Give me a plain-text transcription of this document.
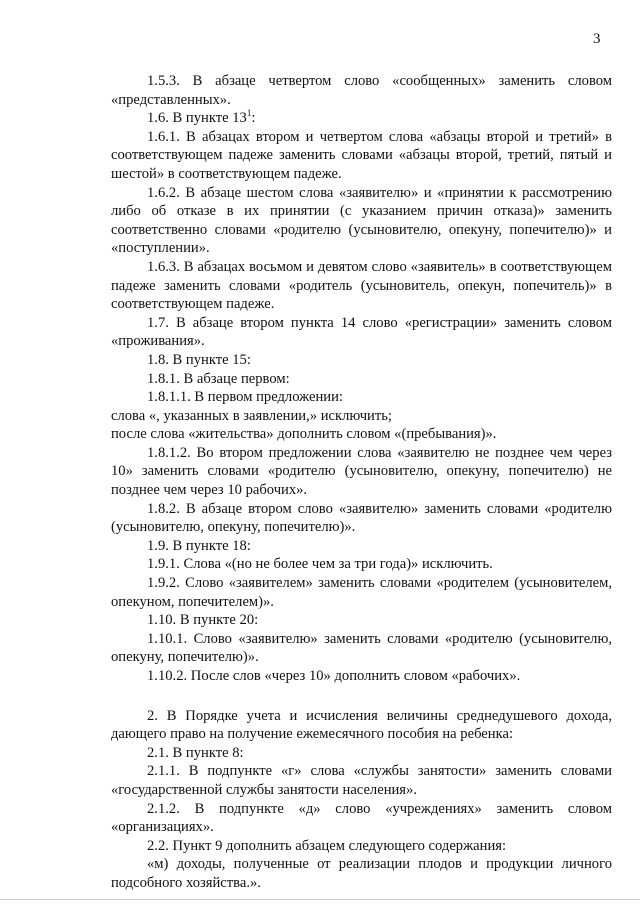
3

1.5.3. В абзаце четвертом слово «сообщенных» заменить словом «представленных».

1.6. В пункте $13^1$:

1.6.1. В абзацах втором и четвертом слова «абзацы второй и третий» в соответствующем падеже заменить словами «абзацы второй, третий, пятый и шестой» в соответствующем падеже.

1.6.2. В абзаце шестом слова «заявителю» и «принятии к рассмотрению либо об отказе в их принятии (с указанием причин отказа)» заменить соответственно словами «родителю (усыновителю, опекуну, попечителю)» и «поступлении».

1.6.3. В абзацах восьмом и девятом слово «заявитель» в соответствующем падеже заменить словами «родитель (усыновитель, опекун, попечитель)» в соответствующем падеже.

1.7. В абзаце втором пункта 14 слово «регистрации» заменить словом «проживания».

1.8. В пункте 15:

1.8.1. В абзаце первом:

1.8.1.1. В первом предложении:

слова «, указанных в заявлении,» исключить;

после слова «жительства» дополнить словом «(пребывания)».

1.8.1.2. Во втором предложении слова «заявителю не позднее чем через 10» заменить словами «родителю (усыновителю, опекуну, попечителю) не позднее чем через 10 рабочих».

1.8.2. В абзаце втором слово «заявителю» заменить словами «родителю (усыновителю, опекуну, попечителю)».

1.9. В пункте 18:

1.9.1. Слова «(но не более чем за три года)» исключить.

1.9.2. Слово «заявителем» заменить словами «родителем (усыновителем, опекуном, попечителем)».

1.10. В пункте 20:

1.10.1. Слово «заявителю» заменить словами «родителю (усыновителю, опекуну, попечителю)».

1.10.2. После слов «через 10» дополнить словом «рабочих».

2. В Порядке учета и исчисления величины среднедушевого дохода, дающего право на получение ежемесячного пособия на ребенка:

2.1. В пункте 8:

2.1.1. В подпункте «г» слова «службы занятости» заменить словами «государственной службы занятости населения».

2.1.2. В подпункте «д» слово «учреждениях» заменить словом «организациях».

2.2. Пункт 9 дополнить абзацем следующего содержания:

«м) доходы, полученные от реализации плодов и продукции личного подсобного хозяйства.».
